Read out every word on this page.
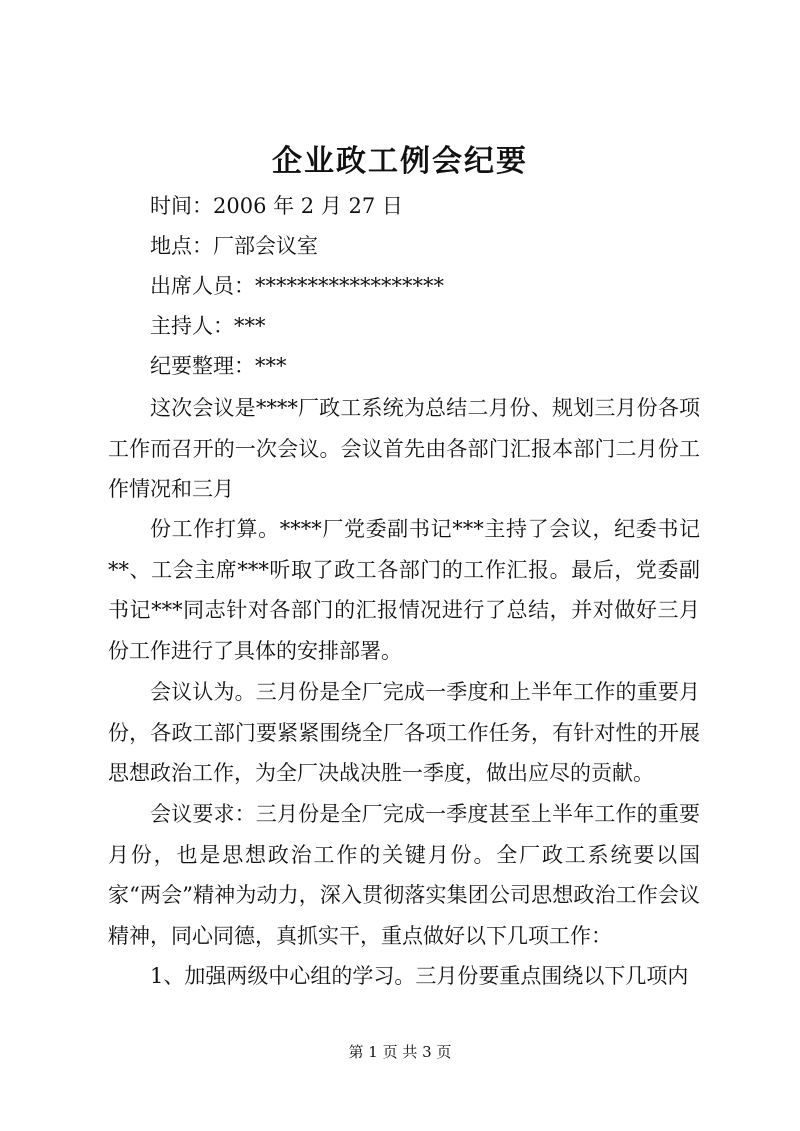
企业政工例会纪要
时间：2006 年 2 月 27 日
地点：厂部会议室
出席人员：******************
主持人：***
纪要整理：***

这次会议是****厂政工系统为总结二月份、规划三月份各项工作而召开的一次会议。会议首先由各部门汇报本部门二月份工作情况和三月

份工作打算。****厂党委副书记***主持了会议，纪委书记**、工会主席***听取了政工各部门的工作汇报。最后，党委副书记***同志针对各部门的汇报情况进行了总结，并对做好三月份工作进行了具体的安排部署。

会议认为。三月份是全厂完成一季度和上半年工作的重要月份，各政工部门要紧紧围绕全厂各项工作任务，有针对性的开展思想政治工作，为全厂决战决胜一季度，做出应尽的贡献。

会议要求：三月份是全厂完成一季度甚至上半年工作的重要月份，也是思想政治工作的关键月份。全厂政工系统要以国家“两会”精神为动力，深入贯彻落实集团公司思想政治工作会议精神，同心同德，真抓实干，重点做好以下几项工作：

1、加强两级中心组的学习。三月份要重点围绕以下几项内

第 1 页 共 3 页
